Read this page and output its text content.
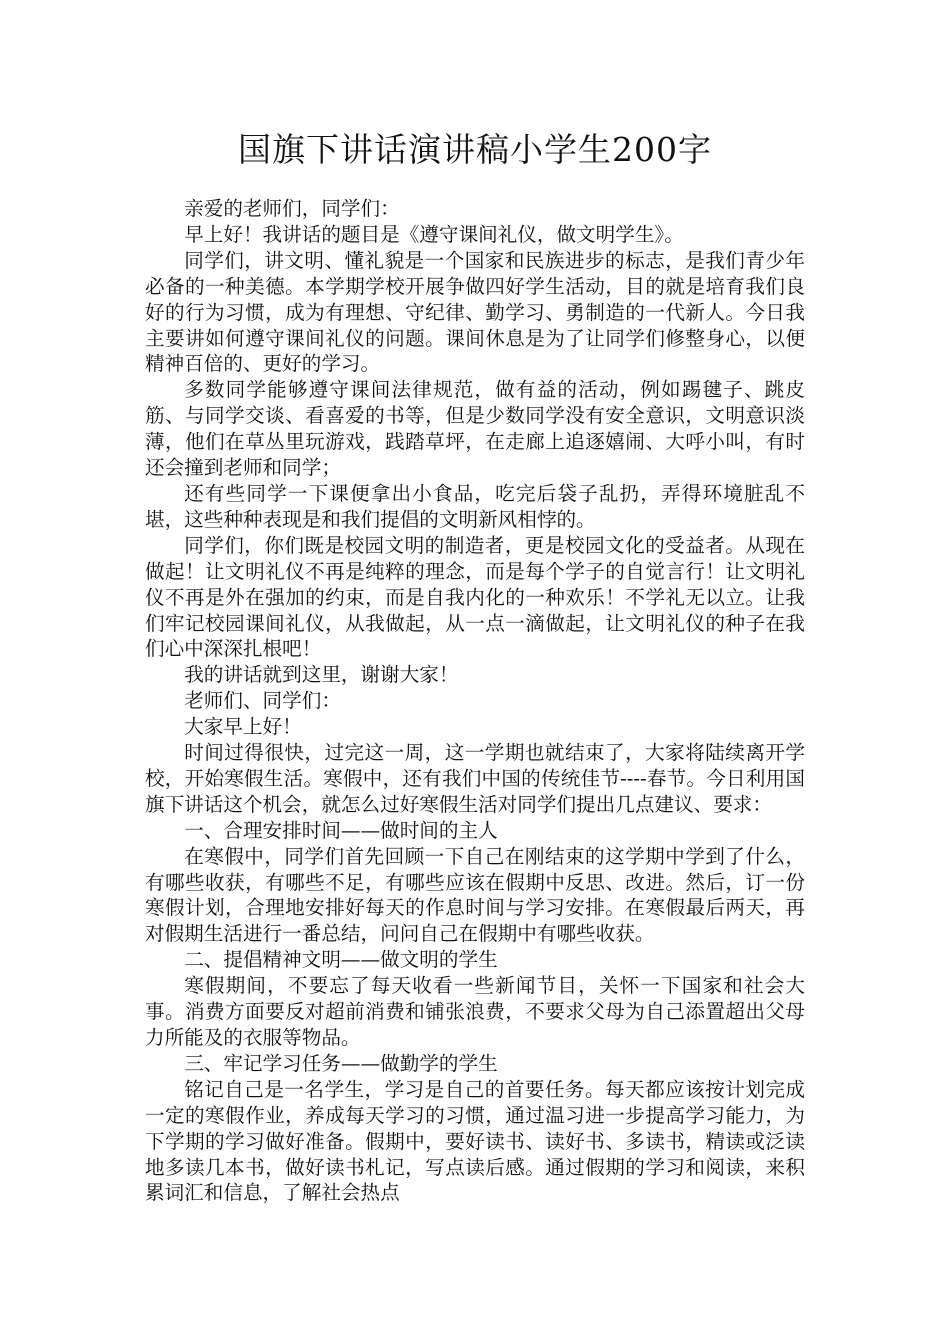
国旗下讲话演讲稿小学生200字

亲爱的老师们，同学们：

早上好！我讲话的题目是《遵守课间礼仪，做文明学生》。

同学们，讲文明、懂礼貌是一个国家和民族进步的标志，是我们青少年必备的一种美德。本学期学校开展争做四好学生活动，目的就是培育我们良好的行为习惯，成为有理想、守纪律、勤学习、勇制造的一代新人。今日我主要讲如何遵守课间礼仪的问题。课间休息是为了让同学们修整身心，以便精神百倍的、更好的学习。

多数同学能够遵守课间法律规范，做有益的活动，例如踢毽子、跳皮筋、与同学交谈、看喜爱的书等，但是少数同学没有安全意识，文明意识淡薄，他们在草丛里玩游戏，践踏草坪，在走廊上追逐嬉闹、大呼小叫，有时还会撞到老师和同学；

还有些同学一下课便拿出小食品，吃完后袋子乱扔，弄得环境脏乱不堪，这些种种表现是和我们提倡的文明新风相悖的。

同学们，你们既是校园文明的制造者，更是校园文化的受益者。从现在做起！让文明礼仪不再是纯粹的理念，而是每个学子的自觉言行！让文明礼仪不再是外在强加的约束，而是自我内化的一种欢乐！不学礼无以立。让我们牢记校园课间礼仪，从我做起，从一点一滴做起，让文明礼仪的种子在我们心中深深扎根吧！

我的讲话就到这里，谢谢大家！

老师们、同学们：

大家早上好！

时间过得很快，过完这一周，这一学期也就结束了，大家将陆续离开学校，开始寒假生活。寒假中，还有我们中国的传统佳节----春节。今日利用国旗下讲话这个机会，就怎么过好寒假生活对同学们提出几点建议、要求：

一、合理安排时间——做时间的主人

在寒假中，同学们首先回顾一下自己在刚结束的这学期中学到了什么，有哪些收获，有哪些不足，有哪些应该在假期中反思、改进。然后，订一份寒假计划，合理地安排好每天的作息时间与学习安排。在寒假最后两天，再对假期生活进行一番总结，问问自己在假期中有哪些收获。

二、提倡精神文明——做文明的学生

寒假期间，不要忘了每天收看一些新闻节目，关怀一下国家和社会大事。消费方面要反对超前消费和铺张浪费，不要求父母为自己添置超出父母力所能及的衣服等物品。

三、牢记学习任务——做勤学的学生

铭记自己是一名学生，学习是自己的首要任务。每天都应该按计划完成一定的寒假作业，养成每天学习的习惯，通过温习进一步提高学习能力，为下学期的学习做好准备。假期中，要好读书、读好书、多读书，精读或泛读地多读几本书，做好读书札记，写点读后感。通过假期的学习和阅读，来积累词汇和信息，了解社会热点
